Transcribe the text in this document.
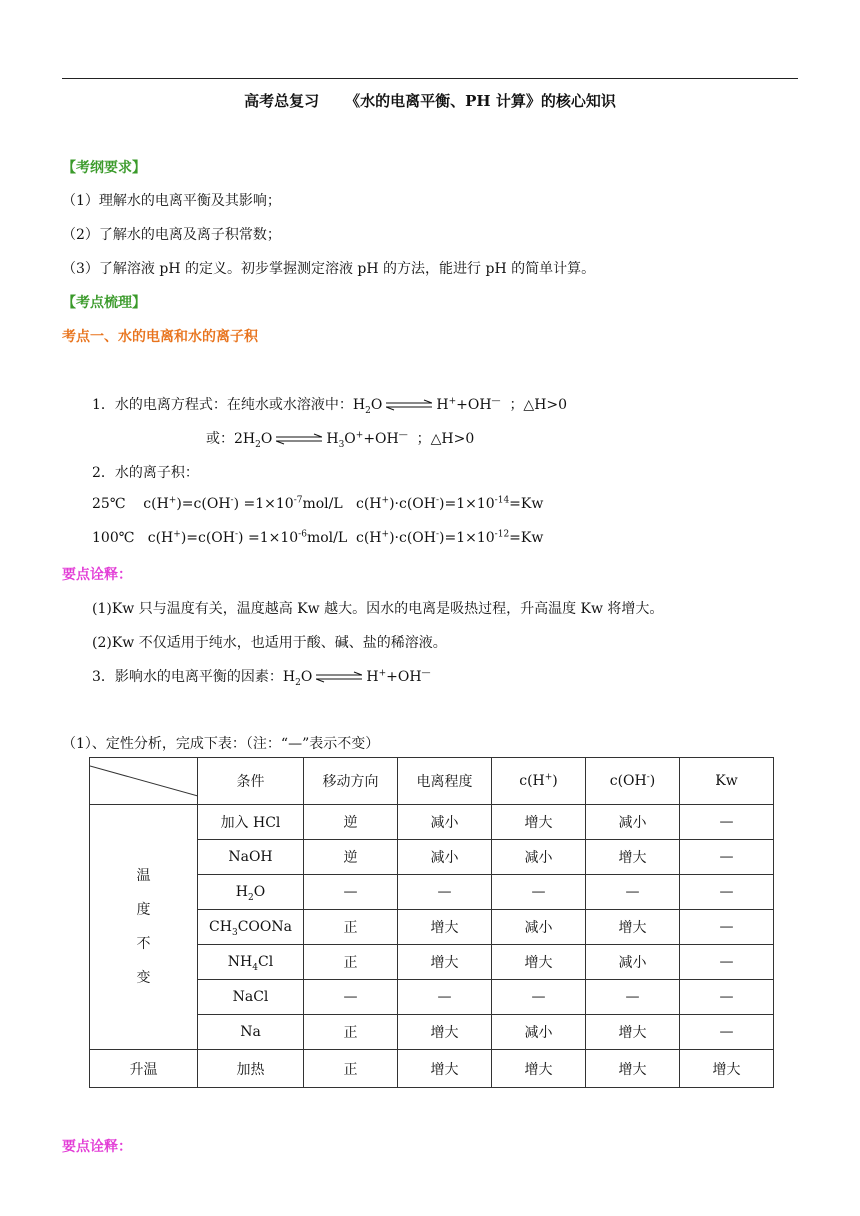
高考总复习 《水的电离平衡、PH 计算》的核心知识
【考纲要求】
（1）理解水的电离平衡及其影响；
（2）了解水的电离及离子积常数；
（3）了解溶液 pH 的定义。初步掌握测定溶液 pH 的方法，能进行 pH 的简单计算。
【考点梳理】
考点一、水的电离和水的离子积
1．水的电离方程式：在纯水或水溶液中：$H_2O$ ⇌ H++OH— ；△H>0
或：$2H_2O$ ⇌ $H_3O^++OH^—$ ；△H>0
2．水的离子积：
25℃    $c(H^+)=c(OH^-) =1\times 10^{-7}mol/L$ $c(H^+)\cdot c(OH^-)=1\times 10^{-14}=Kw$
100℃   $c(H^+)=c(OH^-) =1\times 10^{-6}mol/L$ $c(H^+)\cdot c(OH^-)=1\times 10^{-12}=Kw$
要点诠释：
(1)Kw 只与温度有关，温度越高 Kw 越大。因水的电离是吸热过程，升高温度 Kw 将增大。
(2)Kw 不仅适用于纯水，也适用于酸、碱、盐的稀溶液。
3．影响水的电离平衡的因素：$H_2O$ ⇌ H++OH—
（1）、定性分析，完成下表：（注：“—”表示不变）
	条件	移动方向	电离程度	c(H+)	c(OH-)	Kw

温
度
不
变	加入 HCl	逆	减小	增大	减小	—
	NaOH	逆	减小	减小	增大	—
	$H_2O$	—	—	—	—	—
	$CH_3COONa$	正	增大	减小	增大	—
	$NH_4Cl$	正	增大	增大	减小	—
	NaCl	—	—	—	—	—
	Na	正	增大	减小	增大	—
升温	加热	正	增大	增大	增大	增大
要点诠释：
